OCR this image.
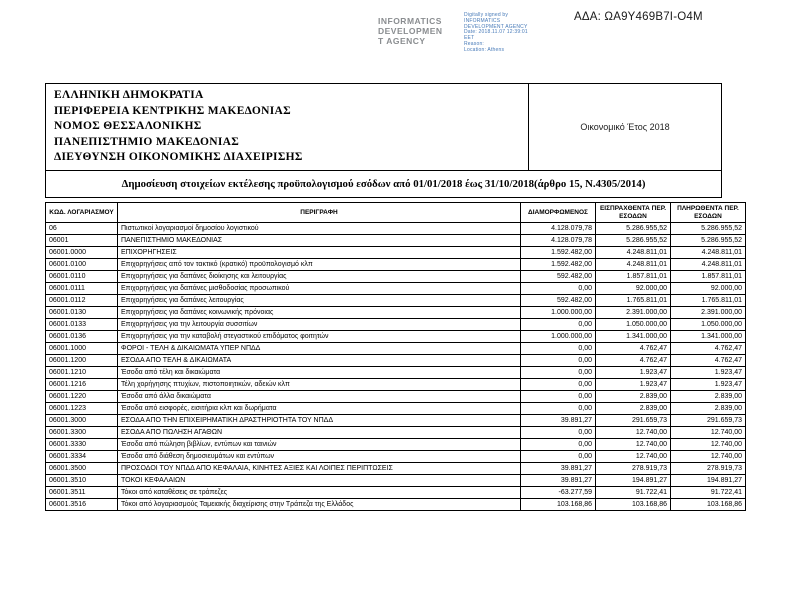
ΑΔΑ: ΩΑ9Υ469Β7Ι-Ο4Μ
INFORMATICS
DEVELOPMEN
T AGENCY
Digitally signed by
INFORMATICS
DEVELOPMENT AGENCY
Date: 2018.11.07 12:39:01
EET
Reason:
Location: Athens
ΕΛΛΗΝΙΚΗ ΔΗΜΟΚΡΑΤΙΑ
ΠΕΡΙΦΕΡΕΙΑ ΚΕΝΤΡΙΚΗΣ ΜΑΚΕΔΟΝΙΑΣ
ΝΟΜΟΣ ΘΕΣΣΑΛΟΝΙΚΗΣ
ΠΑΝΕΠΙΣΤΗΜΙΟ ΜΑΚΕΔΟΝΙΑΣ
ΔΙΕΥΘΥΝΣΗ ΟΙΚΟΝΟΜΙΚΗΣ ΔΙΑΧΕΙΡΙΣΗΣ
Οικονομικό Έτος 2018
Δημοσίευση στοιχείων εκτέλεσης προϋπολογισμού εσόδων από 01/01/2018 έως 31/10/2018(άρθρο 15, Ν.4305/2014)
ΚΩΔ. ΛΟΓΑΡΙΑΣΜΟΥ	ΠΕΡΙΓΡΑΦΗ	ΔΙΑΜΟΡΦΩΜΕΝΟΣ	ΕΙΣΠΡΑΧΘΕΝΤΑ ΠΕΡ. ΕΣΟΔΩΝ	ΠΛΗΡΩΘΕΝΤΑ ΠΕΡ. ΕΣΟΔΩΝ
06	Πιστωτικοί λογαριασμοί δημοσίου λογιστικού	4.128.079,78	5.286.955,52	5.286.955,52
06001	ΠΑΝΕΠΙΣΤΗΜΙΟ ΜΑΚΕΔΟΝΙΑΣ	4.128.079,78	5.286.955,52	5.286.955,52
06001.0000	ΕΠΙΧΟΡΗΓΗΣΕΙΣ	1.592.482,00	4.248.811,01	4.248.811,01
06001.0100	Επιχορηγήσεις από τον τακτικό (κρατικό) προϋπολογισμό κλπ	1.592.482,00	4.248.811,01	4.248.811,01
06001.0110	Επιχορηγήσεις για δαπάνες διοίκησης και λειτουργίας	592.482,00	1.857.811,01	1.857.811,01
06001.0111	Επιχορηγήσεις για δαπάνες μισθοδοσίας προσωπικού	0,00	92.000,00	92.000,00
06001.0112	Επιχορηγήσεις για δαπάνες λειτουργίας	592.482,00	1.765.811,01	1.765.811,01
06001.0130	Επιχορηγήσεις για δαπάνες κοινωνικής πρόνοιας	1.000.000,00	2.391.000,00	2.391.000,00
06001.0133	Επιχορηγήσεις για την λειτουργία συσσιτίων	0,00	1.050.000,00	1.050.000,00
06001.0136	Επιχορηγήσεις για την καταβολή στεγαστικού επιδόματος φοιτητών	1.000.000,00	1.341.000,00	1.341.000,00
06001.1000	ΦΟΡΟΙ - ΤΕΛΗ & ΔΙΚΑΙΩΜΑΤΑ ΥΠΕΡ ΝΠΔΔ	0,00	4.762,47	4.762,47
06001.1200	ΕΣΟΔΑ ΑΠΟ ΤΕΛΗ & ΔΙΚΑΙΩΜΑΤΑ	0,00	4.762,47	4.762,47
06001.1210	Έσοδα από τέλη και δικαιώματα	0,00	1.923,47	1.923,47
06001.1216	Τέλη χορήγησης πτυχίων, πιστοποιητικών, αδειών κλπ	0,00	1.923,47	1.923,47
06001.1220	Έσοδα από άλλα δικαιώματα	0,00	2.839,00	2.839,00
06001.1223	Έσοδα από εισφορές, εισιτήρια κλπ και δωρήματα	0,00	2.839,00	2.839,00
06001.3000	ΕΣΟΔΑ ΑΠΟ ΤΗΝ ΕΠΙΧΕΙΡΗΜΑΤΙΚΗ ΔΡΑΣΤΗΡΙΟΤΗΤΑ ΤΟΥ ΝΠΔΔ	39.891,27	291.659,73	291.659,73
06001.3300	ΕΣΟΔΑ ΑΠΟ ΠΩΛΗΣΗ ΑΓΑΘΩΝ	0,00	12.740,00	12.740,00
06001.3330	Έσοδα από πώληση βιβλίων, εντύπων και ταινιών	0,00	12.740,00	12.740,00
06001.3334	Έσοδα από διάθεση δημοσιευμάτων και εντύπων	0,00	12.740,00	12.740,00
06001.3500	ΠΡΟΣΟΔΟΙ ΤΟΥ ΝΠΔΔ ΑΠΟ ΚΕΦΑΛΑΙΑ, ΚΙΝΗΤΕΣ ΑΞΙΕΣ ΚΑΙ ΛΟΙΠΕΣ ΠΕΡΙΠΤΩΣΕΙΣ	39.891,27	278.919,73	278.919,73
06001.3510	ΤΟΚΟΙ ΚΕΦΑΛΑΙΩΝ	39.891,27	194.891,27	194.891,27
06001.3511	Τόκοι από καταθέσεις σε τράπεζες	-63.277,59	91.722,41	91.722,41
06001.3516	Τόκοι από λογαριασμούς Ταμειακής διαχείρισης στην Τράπεζα της Ελλάδος	103.168,86	103.168,86	103.168,86
